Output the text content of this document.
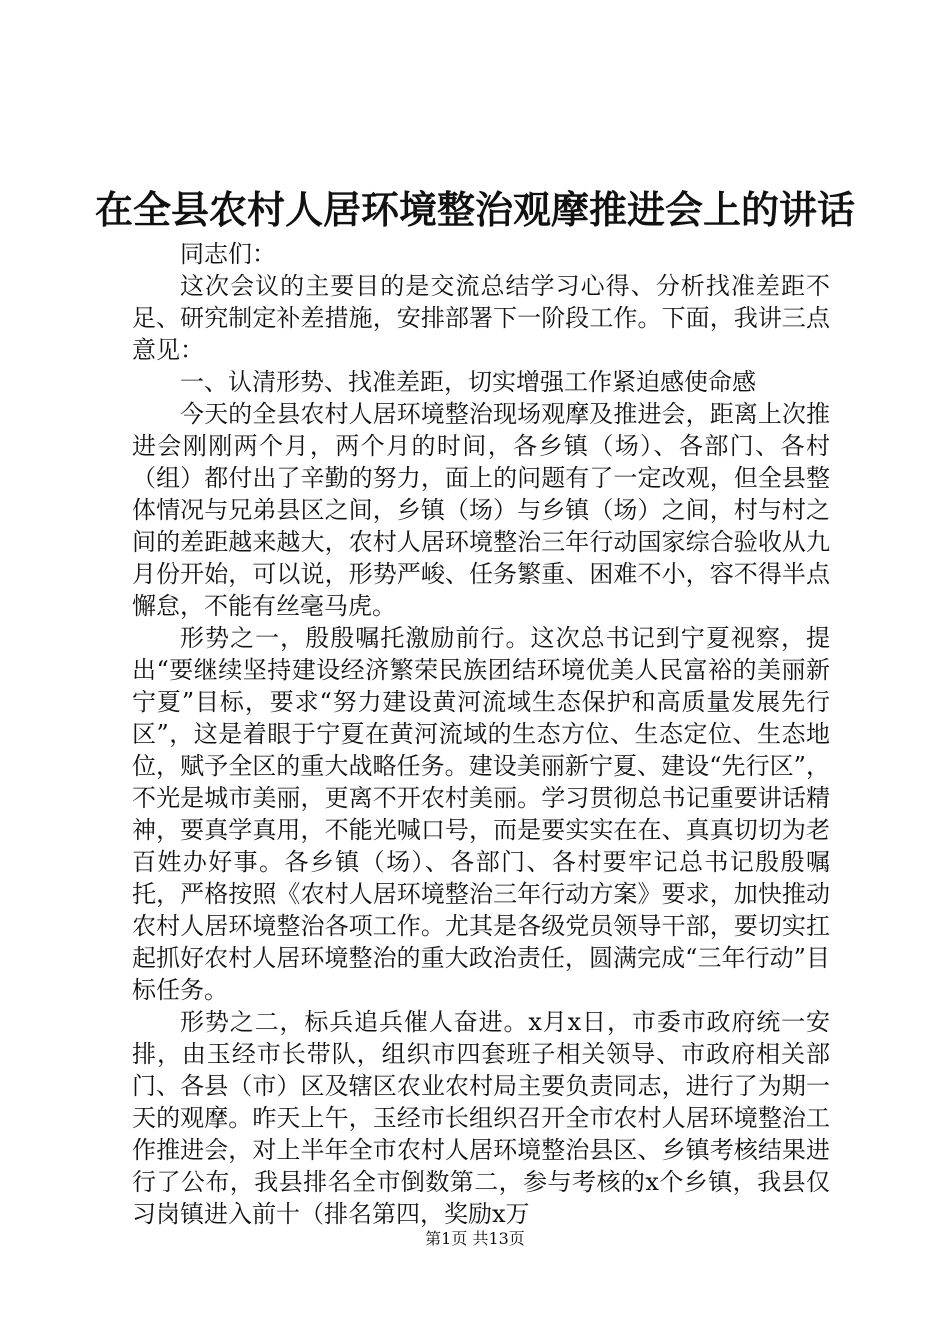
在全县农村人居环境整治观摩推进会上的讲话

同志们：

这次会议的主要目的是交流总结学习心得、分析找准差距不足、研究制定补差措施，安排部署下一阶段工作。下面，我讲三点意见：

一、认清形势、找准差距，切实增强工作紧迫感使命感

今天的全县农村人居环境整治现场观摩及推进会，距离上次推进会刚刚两个月，两个月的时间，各乡镇（场）、各部门、各村（组）都付出了辛勤的努力，面上的问题有了一定改观，但全县整体情况与兄弟县区之间，乡镇（场）与乡镇（场）之间，村与村之间的差距越来越大，农村人居环境整治三年行动国家综合验收从九月份开始，可以说，形势严峻、任务繁重、困难不小，容不得半点懈怠，不能有丝毫马虎。

形势之一，殷殷嘱托激励前行。这次总书记到宁夏视察，提出“要继续坚持建设经济繁荣民族团结环境优美人民富裕的美丽新宁夏”目标，要求“努力建设黄河流域生态保护和高质量发展先行区”，这是着眼于宁夏在黄河流域的生态方位、生态定位、生态地位，赋予全区的重大战略任务。建设美丽新宁夏、建设“先行区”，不光是城市美丽，更离不开农村美丽。学习贯彻总书记重要讲话精神，要真学真用，不能光喊口号，而是要实实在在、真真切切为老百姓办好事。各乡镇（场）、各部门、各村要牢记总书记殷殷嘱托，严格按照《农村人居环境整治三年行动方案》要求，加快推动农村人居环境整治各项工作。尤其是各级党员领导干部，要切实扛起抓好农村人居环境整治的重大政治责任，圆满完成“三年行动”目标任务。

形势之二，标兵追兵催人奋进。x月x日，市委市政府统一安排，由玉经市长带队，组织市四套班子相关领导、市政府相关部门、各县（市）区及辖区农业农村局主要负责同志，进行了为期一天的观摩。昨天上午，玉经市长组织召开全市农村人居环境整治工作推进会，对上半年全市农村人居环境整治县区、乡镇考核结果进行了公布，我县排名全市倒数第二，参与考核的x个乡镇，我县仅习岗镇进入前十（排名第四，奖励x万

第1页 共13页
